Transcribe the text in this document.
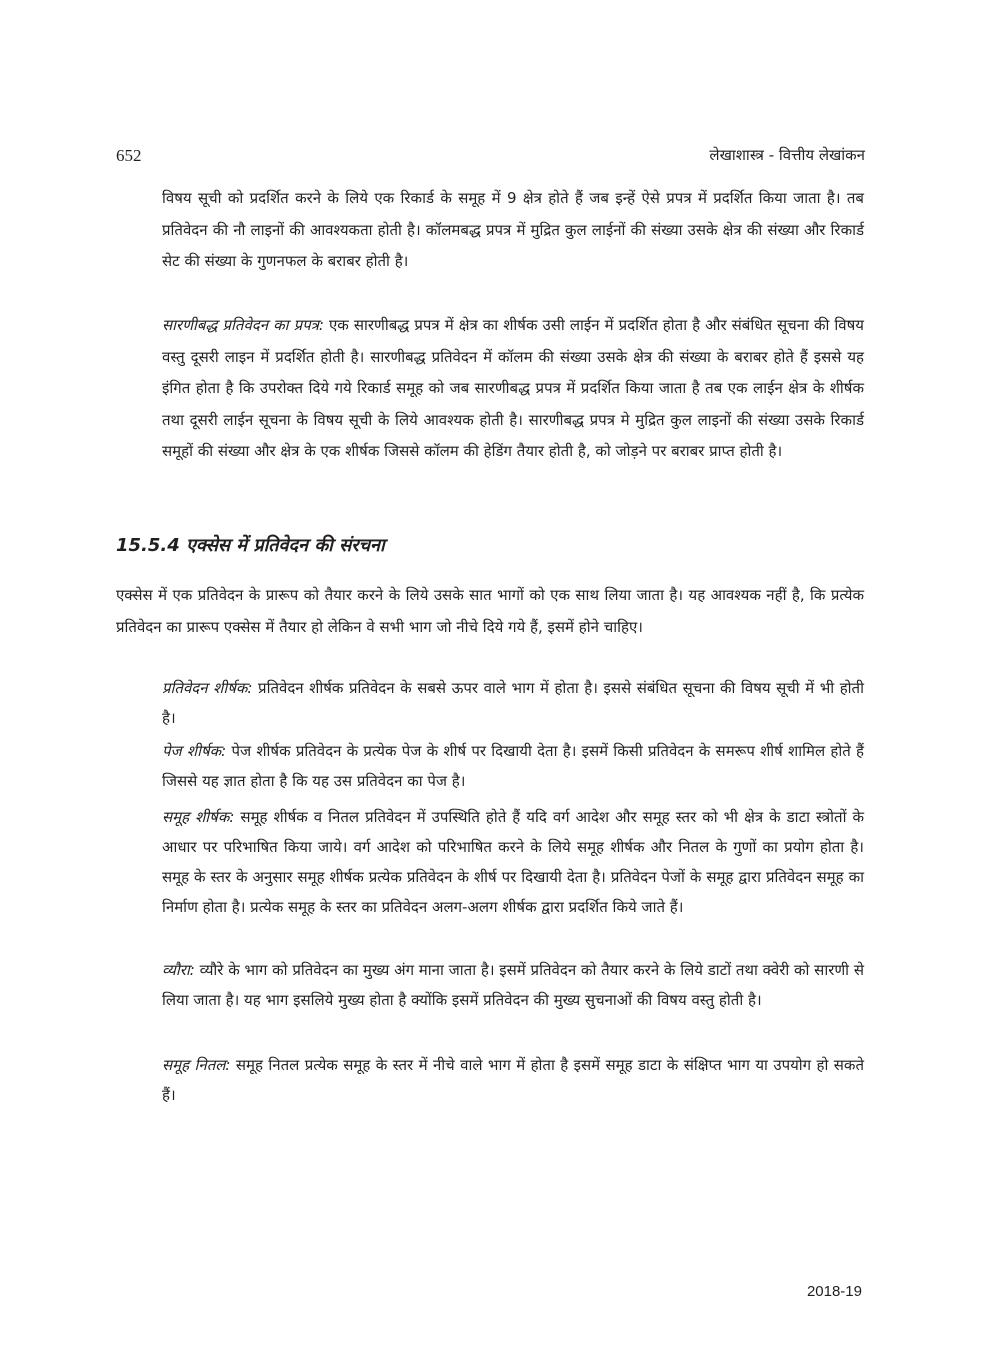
652	लेखाशास्त्र - वित्तीय लेखांकन

विषय सूची को प्रदर्शित करने के लिये एक रिकार्ड के समूह में 9 क्षेत्र होते हैं जब इन्हें ऐसे प्रपत्र में प्रदर्शित किया जाता है। तब प्रतिवेदन की नौ लाइनों की आवश्यकता होती है। कॉलमबद्ध प्रपत्र में मुद्रित कुल लाईनों की संख्या उसके क्षेत्र की संख्या और रिकार्ड सेट की संख्या के गुणनफल के बराबर होती है।

सारणीबद्ध प्रतिवेदन का प्रपत्र: एक सारणीबद्ध प्रपत्र में क्षेत्र का शीर्षक उसी लाईन में प्रदर्शित होता है और संबंधित सूचना की विषय वस्तु दूसरी लाइन में प्रदर्शित होती है। सारणीबद्ध प्रतिवेदन में कॉलम की संख्या उसके क्षेत्र की संख्या के बराबर होते हैं इससे यह इंगित होता है कि उपरोक्त दिये गये रिकार्ड समूह को जब सारणीबद्ध प्रपत्र में प्रदर्शित किया जाता है तब एक लाईन क्षेत्र के शीर्षक तथा दूसरी लाईन सूचना के विषय सूची के लिये आवश्यक होती है। सारणीबद्ध प्रपत्र मे मुद्रित कुल लाइनों की संख्या उसके रिकार्ड समूहों की संख्या और क्षेत्र के एक शीर्षक जिससे कॉलम की हेडिंग तैयार होती है, को जोड़ने पर बराबर प्राप्त होती है।

15.5.4 एक्सेस में प्रतिवेदन की संरचना

एक्सेस में एक प्रतिवेदन के प्रारूप को तैयार करने के लिये उसके सात भागों को एक साथ लिया जाता है। यह आवश्यक नहीं है, कि प्रत्येक प्रतिवेदन का प्रारूप एक्सेस में तैयार हो लेकिन वे सभी भाग जो नीचे दिये गये हैं, इसमें होने चाहिए।

प्रतिवेदन शीर्षक: प्रतिवेदन शीर्षक प्रतिवेदन के सबसे ऊपर वाले भाग में होता है। इससे संबंधित सूचना की विषय सूची में भी होती है।

पेज शीर्षक: पेज शीर्षक प्रतिवेदन के प्रत्येक पेज के शीर्ष पर दिखायी देता है। इसमें किसी प्रतिवेदन के समरूप शीर्ष शामिल होते हैं जिससे यह ज्ञात होता है कि यह उस प्रतिवेदन का पेज है।

समूह शीर्षक: समूह शीर्षक व नितल प्रतिवेदन में उपस्थिति होते हैं यदि वर्ग आदेश और समूह स्तर को भी क्षेत्र के डाटा स्त्रोतों के आधार पर परिभाषित किया जाये। वर्ग आदेश को परिभाषित करने के लिये समूह शीर्षक और नितल के गुणों का प्रयोग होता है। समूह के स्तर के अनुसार समूह शीर्षक प्रत्येक प्रतिवेदन के शीर्ष पर दिखायी देता है। प्रतिवेदन पेजों के समूह द्वारा प्रतिवेदन समूह का निर्माण होता है। प्रत्येक समूह के स्तर का प्रतिवेदन अलग-अलग शीर्षक द्वारा प्रदर्शित किये जाते हैं।

व्यौरा: व्यौरे के भाग को प्रतिवेदन का मुख्य अंग माना जाता है। इसमें प्रतिवेदन को तैयार करने के लिये डाटों तथा क्वेरी को सारणी से लिया जाता है। यह भाग इसलिये मुख्य होता है क्योंकि इसमें प्रतिवेदन की मुख्य सुचनाओं की विषय वस्तु होती है।

समूह नितल: समूह नितल प्रत्येक समूह के स्तर में नीचे वाले भाग में होता है इसमें समूह डाटा के संक्षिप्त भाग या उपयोग हो सकते हैं।

2018-19
